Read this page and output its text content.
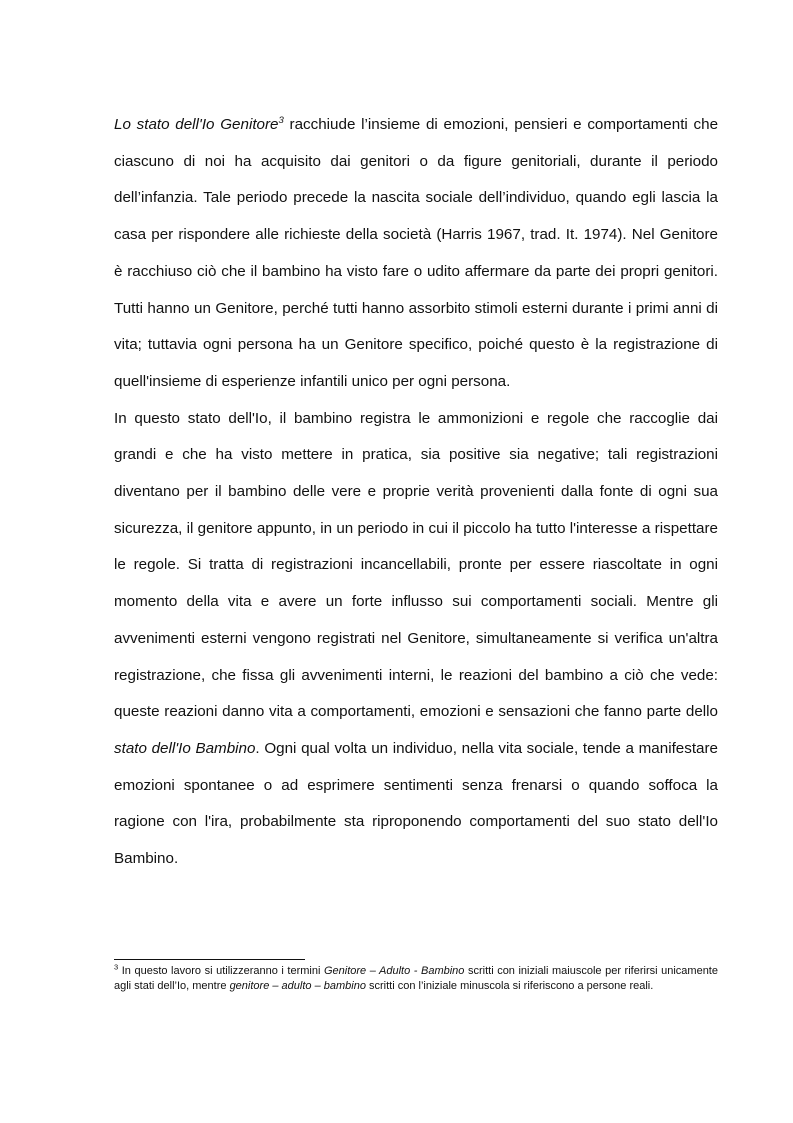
Lo stato dell'Io Genitore$^3$ racchiude l’insieme di emozioni, pensieri e comportamenti che ciascuno di noi ha acquisito dai genitori o da figure genitoriali, durante il periodo dell’infanzia. Tale periodo precede la nascita sociale dell’individuo, quando egli lascia la casa per rispondere alle richieste della società (Harris 1967, trad. It. 1974). Nel Genitore è racchiuso ciò che il bambino ha visto fare o udito affermare da parte dei propri genitori. Tutti hanno un Genitore, perché tutti hanno assorbito stimoli esterni durante i primi anni di vita; tuttavia ogni persona ha un Genitore specifico, poiché questo è la registrazione di quell'insieme di esperienze infantili unico per ogni persona.

In questo stato dell'Io, il bambino registra le ammonizioni e regole che raccoglie dai grandi e che ha visto mettere in pratica, sia positive sia negative; tali registrazioni diventano per il bambino delle vere e proprie verità provenienti dalla fonte di ogni sua sicurezza, il genitore appunto, in un periodo in cui il piccolo ha tutto l'interesse a rispettare le regole. Si tratta di registrazioni incancellabili, pronte per essere riascoltate in ogni momento della vita e avere un forte influsso sui comportamenti sociali. Mentre gli avvenimenti esterni vengono registrati nel Genitore, simultaneamente si verifica un'altra registrazione, che fissa gli avvenimenti interni, le reazioni del bambino a ciò che vede: queste reazioni danno vita a comportamenti, emozioni e sensazioni che fanno parte dello stato dell'Io Bambino. Ogni qual volta un individuo, nella vita sociale, tende a manifestare emozioni spontanee o ad esprimere sentimenti senza frenarsi o quando soffoca la ragione con l'ira, probabilmente sta riproponendo comportamenti del suo stato dell'Io Bambino.

$^3$ In questo lavoro si utilizzeranno i termini Genitore – Adulto - Bambino scritti con iniziali maiuscole per riferirsi unicamente agli stati dell’Io, mentre genitore – adulto – bambino scritti con l’iniziale minuscola si riferiscono a persone reali.
